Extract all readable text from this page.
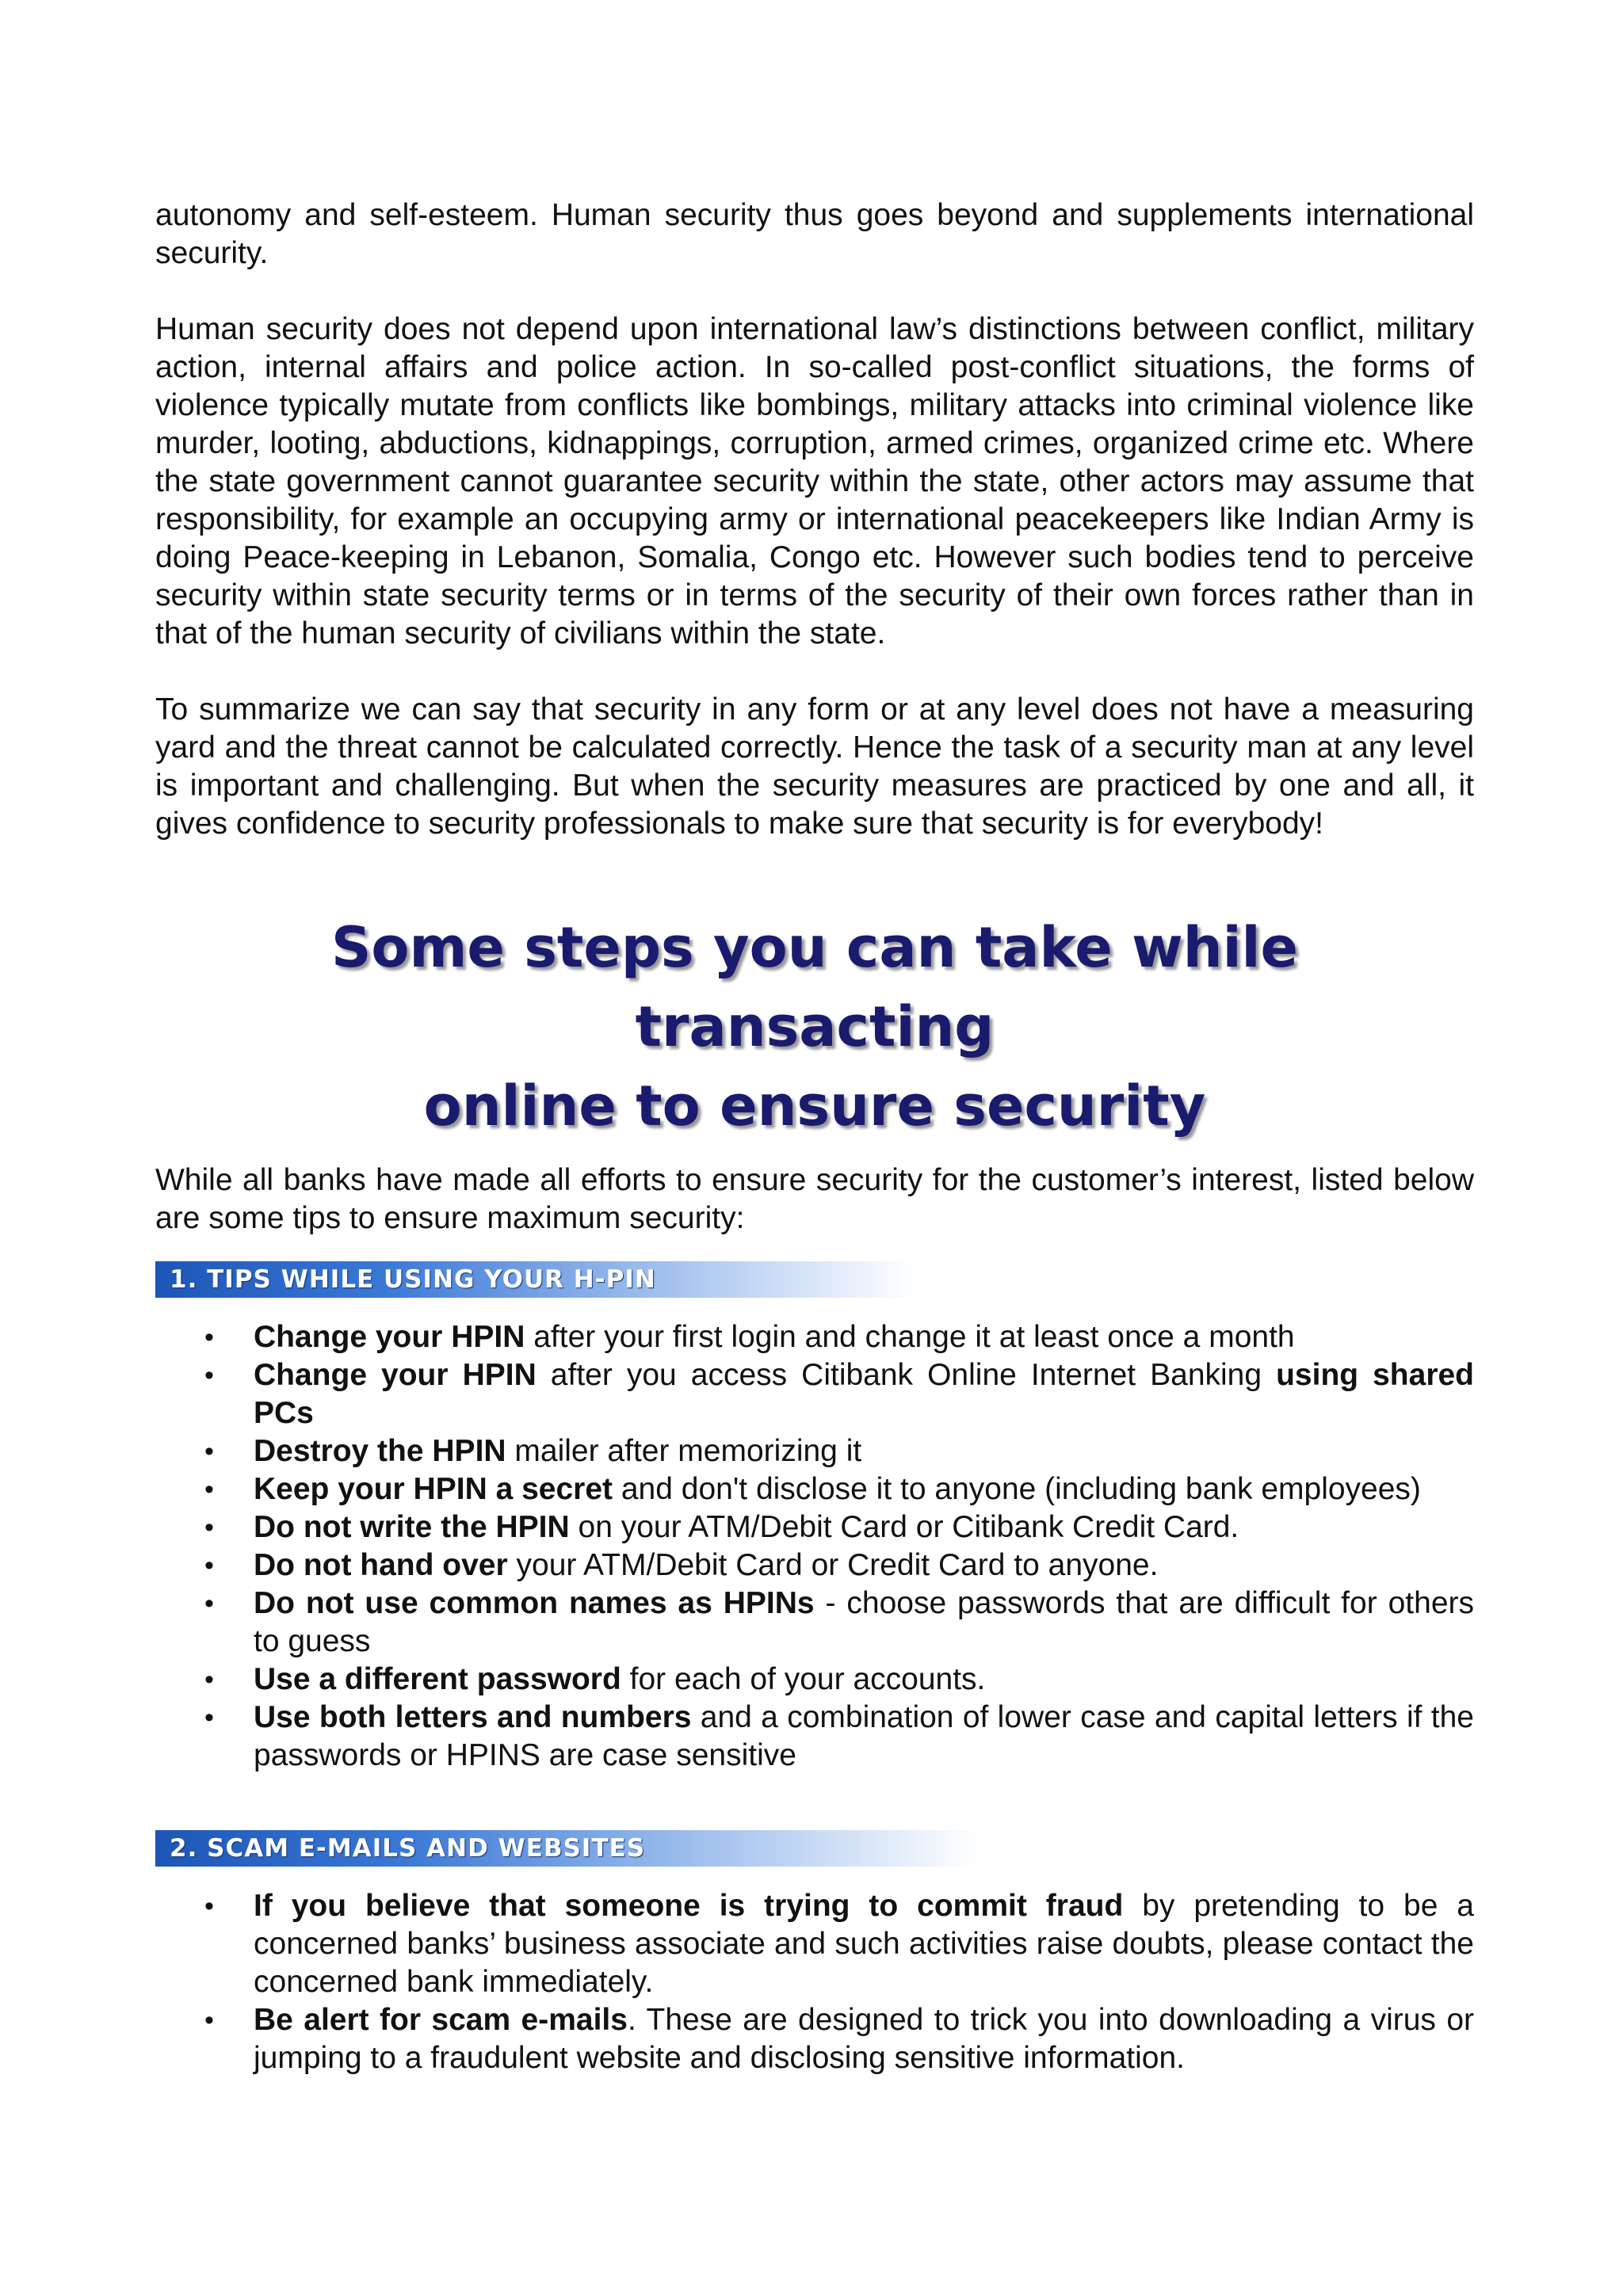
autonomy and self-esteem. Human security thus goes beyond and supplements international security.

Human security does not depend upon international law’s distinctions between conflict, military action, internal affairs and police action. In so-called post-conflict situations, the forms of violence typically mutate from conflicts like bombings, military attacks into criminal violence like murder, looting, abductions, kidnappings, corruption, armed crimes, organized crime etc. Where the state government cannot guarantee security within the state, other actors may assume that responsibility, for example an occupying army or international peacekeepers like Indian Army is doing Peace-keeping in Lebanon, Somalia, Congo etc. However such bodies tend to perceive security within state security terms or in terms of the security of their own forces rather than in that of the human security of civilians within the state.

To summarize we can say that security in any form or at any level does not have a measuring yard and the threat cannot be calculated correctly. Hence the task of a security man at any level is important and challenging. But when the security measures are practiced by one and all, it gives confidence to security professionals to make sure that security is for everybody!

Some steps you can take while transacting
online to ensure security

While all banks have made all efforts to ensure security for the customer’s interest, listed below are some tips to ensure maximum security:

1. TIPS WHILE USING YOUR H-PIN
• Change your HPIN after your first login and change it at least once a month
• Change your HPIN after you access Citibank Online Internet Banking using shared PCs
• Destroy the HPIN mailer after memorizing it
• Keep your HPIN a secret and don't disclose it to anyone (including bank employees)
• Do not write the HPIN on your ATM/Debit Card or Citibank Credit Card.
• Do not hand over your ATM/Debit Card or Credit Card to anyone.
• Do not use common names as HPINs - choose passwords that are difficult for others to guess
• Use a different password for each of your accounts.
• Use both letters and numbers and a combination of lower case and capital letters if the passwords or HPINS are case sensitive
2. SCAM E-MAILS AND WEBSITES
• If you believe that someone is trying to commit fraud by pretending to be a concerned banks’ business associate and such activities raise doubts, please contact the concerned bank immediately.
• Be alert for scam e-mails. These are designed to trick you into downloading a virus or jumping to a fraudulent website and disclosing sensitive information.
